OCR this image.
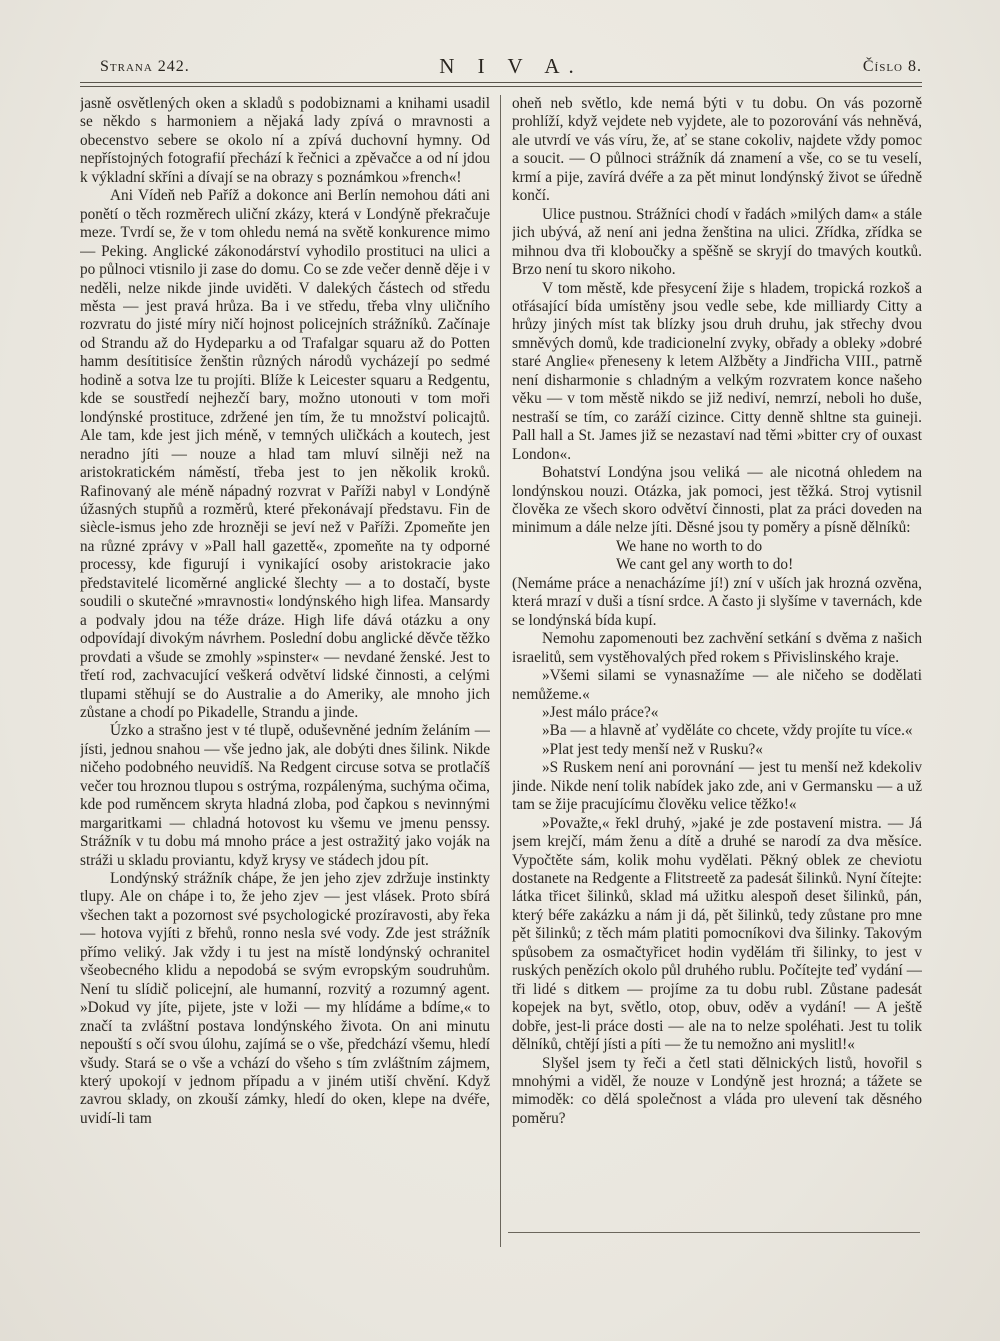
Strana 242.	N I V A.	Číslo 8.

jasně osvětlených oken a skladů s podobiznami a knihami usadil se někdo s harmoniem a nějaká lady zpívá o mravnosti a obecenstvo sebere se okolo ní a zpívá duchovní hymny. Od nepřístojných fotografií přechází k řečnici a zpěvačce a od ní jdou k výkladní skříni a dívají se na obrazy s poznámkou »french«!

Ani Vídeň neb Paříž a dokonce ani Berlín nemohou dáti ani ponětí o těch rozměrech uliční zkázy, která v Londýně překračuje meze. Tvrdí se, že v tom ohledu nemá na světě konkurence mimo — Peking. Anglické zákonodárství vyhodilo prostituci na ulici a po půlnoci vtisnilo ji zase do domu. Co se zde večer denně děje i v neděli, nelze nikde jinde uviděti. V dalekých částech od středu města — jest pravá hrůza. Ba i ve středu, třeba vlny uličního rozvratu do jisté míry ničí hojnost policejních strážníků. Začínaje od Strandu až do Hydeparku a od Trafalgar squaru až do Potten hamm desítitisíce ženštin různých národů vycházejí po sedmé hodině a sotva lze tu projíti. Blíže k Leicester squaru a Redgentu, kde se soustředí nejhezčí bary, možno utonouti v tom moři londýnské prostituce, zdržené jen tím, že tu množství policajtů. Ale tam, kde jest jich méně, v temných uličkách a koutech, jest neradno jíti — nouze a hlad tam mluví silněji než na aristokratickém náměstí, třeba jest to jen několik kroků. Rafinovaný ale méně nápadný rozvrat v Paříži nabyl v Londýně úžasných stupňů a rozměrů, které překonávají představu. Fin de siècle-ismus jeho zde hrozněji se jeví než v Paříži. Zpomeňte jen na různé zprávy v »Pall hall gazettě«, zpomeňte na ty odporné processy, kde figurují i vynikající osoby aristokracie jako představitelé licoměrné anglické šlechty — a to dostačí, byste soudili o skutečné »mravnosti« londýnského high lifea. Mansardy a podvaly jdou na téže dráze. High life dává otázku a ony odpovídají divokým návrhem. Poslední dobu anglické děvče těžko provdati a všude se zmohly »spinster« — nevdané ženské. Jest to třetí rod, zachvacující veškerá odvětví lidské činnosti, a celými tlupami stěhují se do Australie a do Ameriky, ale mnoho jich zůstane a chodí po Pikadelle, Strandu a jinde.

Úzko a strašno jest v té tlupě, oduševněné jedním želáním — jísti, jednou snahou — vše jedno jak, ale dobýti dnes šilink. Nikde ničeho podobného neuvidíš. Na Redgent circuse sotva se protlačíš večer tou hroznou tlupou s ostrýma, rozpálenýma, suchýma očima, kde pod ruměncem skryta hladná zloba, pod čapkou s nevinnými margaritkami — chladná hotovost ku všemu ve jmenu penssy. Strážník v tu dobu má mnoho práce a jest ostražitý jako voják na stráži u skladu proviantu, když krysy ve stádech jdou pít.

Londýnský strážník chápe, že jen jeho zjev zdržuje instinkty tlupy. Ale on chápe i to, že jeho zjev — jest vlásek. Proto sbírá všechen takt a pozornost své psychologické prozíravosti, aby řeka — hotova vyjíti z břehů, ronno nesla své vody. Zde jest strážník přímo veliký. Jak vždy i tu jest na místě londýnský ochranitel všeobecného klidu a nepodobá se svým evropským soudruhům. Není tu slídič policejní, ale humanní, rozvitý a rozumný agent. »Dokud vy jíte, pijete, jste v loži — my hlídáme a bdíme,« to značí ta zvláštní postava londýnského života. On ani minutu nepouští s očí svou úlohu, zajímá se o vše, předchází všemu, hledí všudy. Stará se o vše a vchází do všeho s tím zvláštním zájmem, který upokojí v jednom případu a v jiném utiší chvění. Když zavrou sklady, on zkouší zámky, hledí do oken, klepe na dvéře, uvidí-li tam

oheň neb světlo, kde nemá býti v tu dobu. On vás pozorně prohlíží, když vejdete neb vyjdete, ale to pozorování vás nehněvá, ale utvrdí ve vás víru, že, ať se stane cokoliv, najdete vždy pomoc a soucit. — O půlnoci strážník dá znamení a vše, co se tu veselí, krmí a pije, zavírá dvéře a za pět minut londýnský život se úředně končí.

Ulice pustnou. Strážníci chodí v řadách »milých dam« a stále jich ubývá, až není ani jedna ženština na ulici. Zřídka, zřídka se mihnou dva tři kloboučky a spěšně se skryjí do tmavých koutků. Brzo není tu skoro nikoho.

V tom městě, kde přesycení žije s hladem, tropická rozkoš a otřásající bída umístěny jsou vedle sebe, kde milliardy Citty a hrůzy jiných míst tak blízky jsou druh druhu, jak střechy dvou smněvých domů, kde tradicionelní zvyky, obřady a obleky »dobré staré Anglie« přeneseny k letem Alžběty a Jindřicha VIII., patrně není disharmonie s chladným a velkým rozvratem konce našeho věku — v tom městě nikdo se již nediví, nemrzí, neboli ho duše, nestraší se tím, co zaráží cizince. Citty denně shltne sta guineji. Pall hall a St. James již se nezastaví nad těmi »bitter cry of ouxast London«.

Bohatství Londýna jsou veliká — ale nicotná ohledem na londýnskou nouzi. Otázka, jak pomoci, jest těžká. Stroj vytisnil člověka ze všech skoro odvětví činnosti, plat za práci doveden na minimum a dále nelze jíti. Děsné jsou ty poměry a písně dělníků:

We hane no worth to do

We cant gel any worth to do!

(Nemáme práce a nenacházíme jí!) zní v uších jak hrozná ozvěna, která mrazí v duši a tísní srdce. A často ji slyšíme v tavernách, kde se londýnská bída kupí.

Nemohu zapomenouti bez zachvění setkání s dvěma z našich israelitů, sem vystěhovalých před rokem s Přivislinského kraje.

»Všemi silami se vynasnažíme — ale ničeho se dodělati nemůžeme.«

»Jest málo práce?«

»Ba — a hlavně ať vyděláte co chcete, vždy projíte tu více.«

»Plat jest tedy menší než v Rusku?«

»S Ruskem není ani porovnání — jest tu menší než kdekoliv jinde. Nikde není tolik nabídek jako zde, ani v Germansku — a už tam se žije pracujícímu člověku velice těžko!«

»Považte,« řekl druhý, »jaké je zde postavení mistra. — Já jsem krejčí, mám ženu a dítě a druhé se narodí za dva měsíce. Vypočtěte sám, kolik mohu vydělati. Pěkný oblek ze cheviotu dostanete na Redgente a Flitstreetě za padesát šilinků. Nyní čítejte: látka třicet šilinků, sklad má užitku alespoň deset šilinků, pán, který béře zakázku a nám ji dá, pět šilinků, tedy zůstane pro mne pět šilinků; z těch mám platiti pomocníkovi dva šilinky. Takovým spůsobem za osmačtyřicet hodin vydělám tři šilinky, to jest v ruských penězích okolo půl druhého rublu. Počítejte teď vydání — tři lidé s ditkem — projíme za tu dobu rubl. Zůstane padesát kopejek na byt, světlo, otop, obuv, oděv a vydání! — A ještě dobře, jest-li práce dosti — ale na to nelze spoléhati. Jest tu tolik dělníků, chtějí jísti a píti — že tu nemožno ani myslitl!«

Slyšel jsem ty řeči a četl stati dělnických listů, hovořil s mnohými a viděl, že nouze v Londýně jest hrozná; a tážete se mimoděk: co dělá společnost a vláda pro ulevení tak děsného poměru?
